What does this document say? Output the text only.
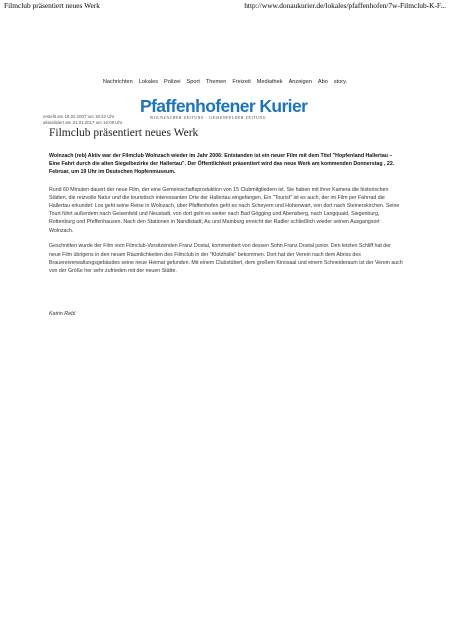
Filmclub präsentiert neues Werk	http://www.donaukurier.de/lokales/pfaffenhofen/7w-Filmclub-K-F...
Nachrichten Lokales Polizei Sport Themen Freizeit Mediathek Anzeigen Abo story.
erstellt am 19.02.2007 um 18:42 Uhr
aktualisiert am 31.01.2017 um 16:09 Uhr
Pfaffenhofener Kurier
WOLNZACHER ZEITUNG · GEISENFELDER ZEITUNG
Filmclub präsentiert neues Werk

Wolnzach (reb) Aktiv war der Filmclub Wolnzach wieder im Jahr 2006: Entstanden ist ein neuer Film mit dem Titel "Hopfenland Hallertau – Eine Fahrt durch die alten Siegelbezirke der Hallertau". Der Öffentlichkeit präsentiert wird das neue Werk am kommenden Donnerstag , 22. Februar, um 19 Uhr im Deutschen Hopfenmuseum.

Rund 60 Minuten dauert der neue Film, der eine Gemeinschaftsproduktion von 15 Clubmitgliedern ist. Sie haben mit ihrer Kamera die historischen Stätten, die reizvolle Natur und die touristisch interessanten Orte der Hallertau eingefangen. Ein "Tourist" ist es auch, der im Film per Fahrrad die Hallertau erkundet: Los geht seine Reise in Wolnzach, über Pfaffenhofen geht es nach Scheyern und Hohenwart, von dort nach Steinerskirchen. Seine Tourt führt außerdem nach Geisenfeld und Neustadt, von dort geht es weiter nach Bad Gögging und Abensberg, nach Langquaid, Siegenburg, Rottenburg und Pfeffenhausen. Nach den Stationen in Nandlstadt, Au und Mainburg erreicht der Radler schließlich wieder seinen Ausgangsort Wolnzach.

Geschnitten wurde der Film vom Filmclub-Vorsitzenden Franz Dostal, kommentiert von dessen Sohn Franz Dostal junior. Den letzten Schliff hat der neue Film übrigens in den neuen Räumlichkeiten des Filmclub in der "Klotzhalle" bekommen. Dort hat der Verein nach dem Abriss des Brauereiverwaltungsgebäudes seine neue Heimat gefunden. Mit einem Clubstüberl, dem großem Kinosaal und einem Schneideraum ist der Verein auch von der Größe her sehr zufrieden mit der neuen Stätte.

Katrin Rebl
